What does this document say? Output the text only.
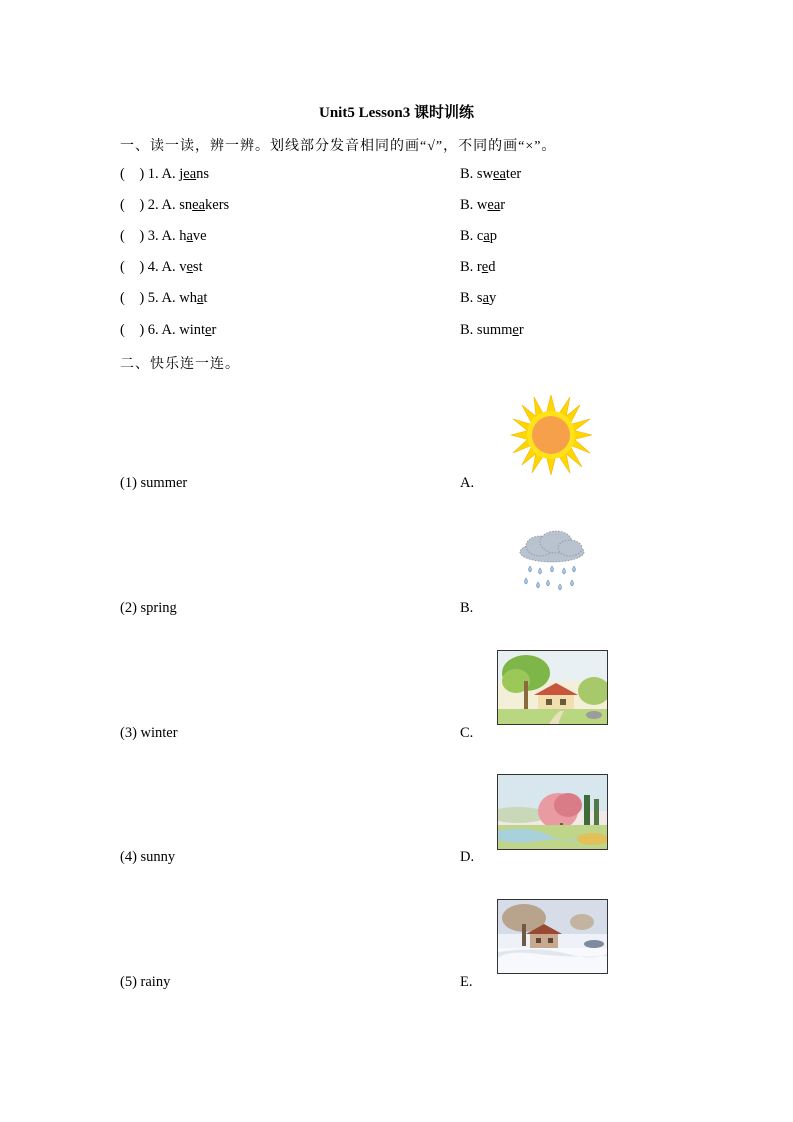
Unit5 Lesson3 课时训练
一、读一读，辨一辨。划线部分发音相同的画“√”，不同的画“×”。
(    ) 1. A. jeans	B. sweater
(    ) 2. A. sneakers	B. wear
(    ) 3. A. have	B. cap
(    ) 4. A. vest	B. red
(    ) 5. A. what	B. say
(    ) 6. A. winter	B. summer
二、快乐连一连。
(1) summer	A.
(2) spring	B.
(3) winter	C.
(4) sunny	D.
(5) rainy	E.
